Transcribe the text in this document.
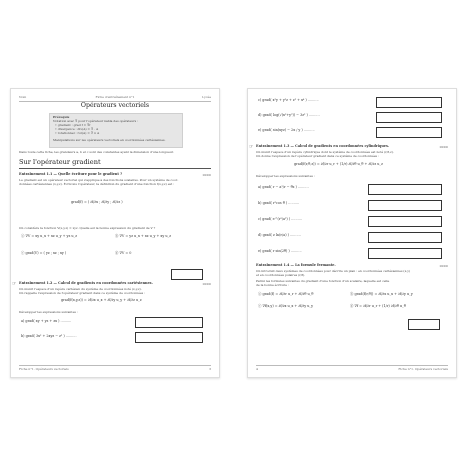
Nom	Fiche d'entraînement n°1	Lycée
Opérateurs vectoriels
Prérequis
Notation avec ∇ pour l'opérateur nabla des opérateurs :
• gradient : grad f = ∇f
• divergence : div(A) = ∇ · A
• rotationnel : rot(A) = ∇ ∧ A
Manipulations sur les opérateurs vectoriels en coordonnées cartésiennes.
Dans toute cette fiche, les grandeurs a, b et c sont des constantes ayant la dimension d'une longueur.
Sur l'opérateur gradient
Entraînement 1.1 — Quelle écriture pour le gradient ?	0000
Le gradient est un opérateur vectoriel qui s'applique à des fonctions scalaires. Pour un système de coor-
données cartésiennes (x,y,z). Écrivons l'opérateur, la définition du gradient d'une fonction f(x,y,z) est :
grad(f) = ( ∂f/∂x ; ∂f/∂y ; ∂f/∂z )
On considère la fonction V(x,y,z) = xyz. Quelle est la bonne expression du gradient de V ?
ⓐ ∇V = xy u_x + xz u_y + yz u_z	ⓑ ∇V = yz u_x + xz u_y + xy u_z
ⓒ grad(V) = ( yz ; xz ; xy )	ⓓ ∇V = 0
☞ Entraînement 1.2 — Calcul de gradients en coordonnées cartésiennes.	0000
On munit l'espace d'un repère cartésien du système de coordonnées noté (x,y,z).
On rappelle l'expression de l'opérateur gradient dans ce système de coordonnées :
grad(f(x,y,z)) = ∂f/∂x u_x + ∂f/∂y u_y + ∂f/∂z u_z
Développer les expressions suivantes :
a) grad( xy + yz + zx ) ..........
b) grad( 3x² + 2xyz − z³ ) ..........
Fiche n°1. Opérateurs vectoriels	3
c) grad( x²y + y²z + z² + x⁴ ) ..........
d) grad( log(√(x²+y²)) − 3z² ) ..........
e) grad( sin(xyz) − 2x / y ) ..........
☞ Entraînement 1.3 — Calcul de gradients en coordonnées cylindriques.	0000
On munit l'espace d'un repère cylindrique dont le système de coordonnées est noté (r,θ,z).
On donne l'expression de l'opérateur gradient dans ce système de coordonnées :
grad(f(r,θ,z)) = ∂f/∂r u_r + (1/r) ∂f/∂θ u_θ + ∂f/∂z u_z
Développer les expressions suivantes :
a) grad( r − a²/r − θz ) ..........
b) grad( r²cos θ ) ..........
c) grad( e^(r²/a²) ) ..........
d) grad( z ln(r/a) ) ..........
e) grad( r sin(2θ) ) ..........
Entraînement 1.4 — La formule fermante.	0000
On introduit deux systèmes de coordonnées pour décrire un plan : en coordonnées cartésiennes (x,y)
et en coordonnées polaires (r,θ).
Parmi les formules suivantes du gradient d'une fonction d'un scalaire, laquelle est celle
de la bonne écriture :
ⓐ grad(f) = ∂f/∂r u_r + ∂f/∂θ u_θ	ⓑ grad(f(r,θ)) = ∂f/∂x u_x + ∂f/∂y u_y
ⓒ ∇f(x,y) = ∂f/∂x u_x + ∂f/∂y u_y	ⓓ ∇f = ∂f/∂r u_r + (1/r) ∂f/∂θ u_θ
4	Fiche n°1. Opérateurs vectoriels
